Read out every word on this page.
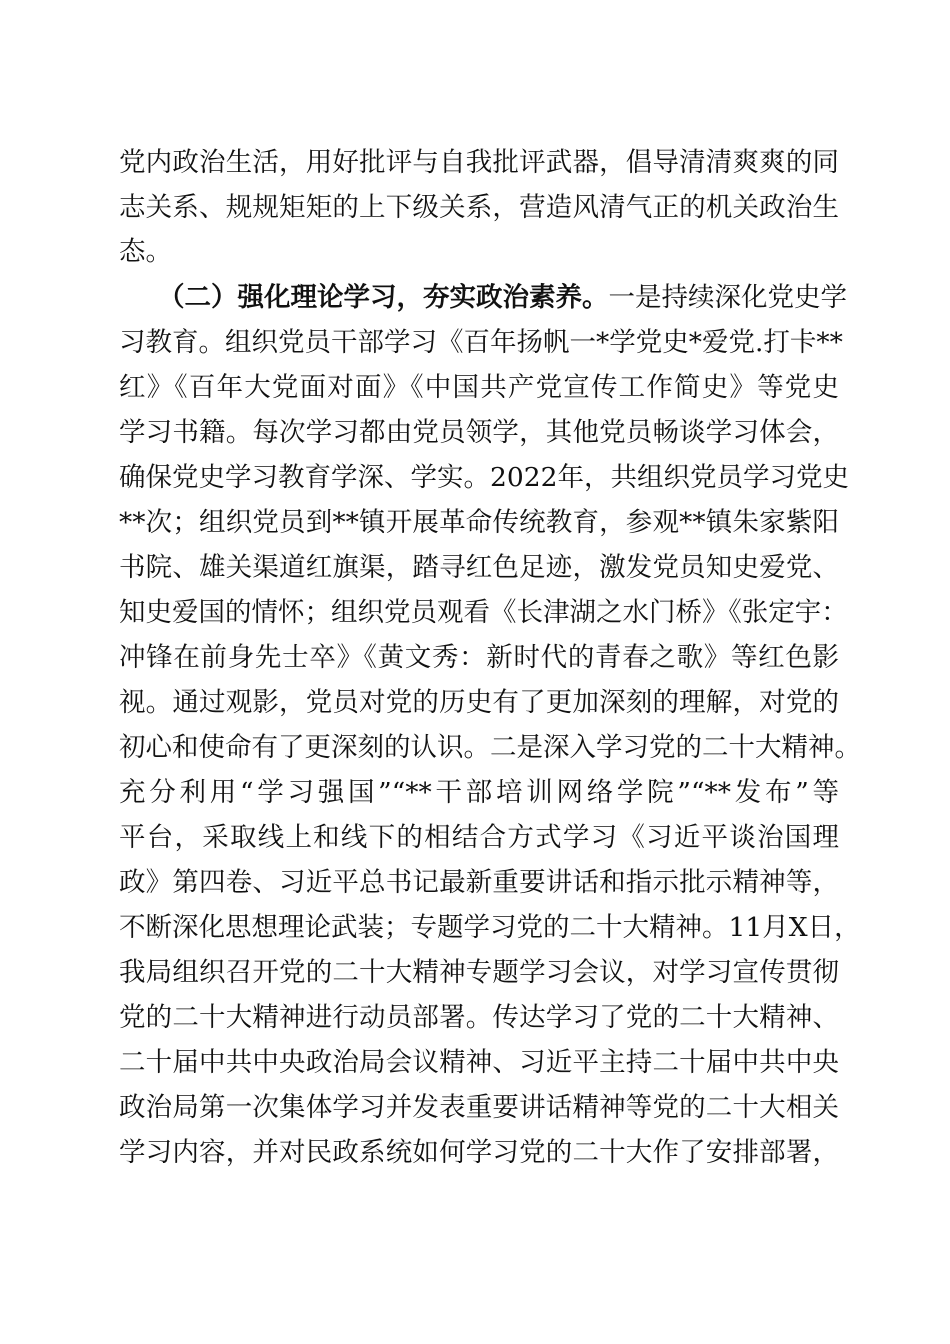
党内政治生活，用好批评与自我批评武器，倡导清清爽爽的同
志关系、规规矩矩的上下级关系，营造风清气正的机关政治生
态。
（二）强化理论学习，夯实政治素养。一是持续深化党史学
习教育。组织党员干部学习《百年扬帆一*学党史*爱党.打卡**
红》《百年大党面对面》《中国共产党宣传工作简史》等党史
学习书籍。每次学习都由党员领学，其他党员畅谈学习体会，
确保党史学习教育学深、学实。2022年，共组织党员学习党史
**次；组织党员到**镇开展革命传统教育，参观**镇朱家紫阳
书院、雄关渠道红旗渠，踏寻红色足迹，激发党员知史爱党、
知史爱国的情怀；组织党员观看《长津湖之水门桥》《张定宇：
冲锋在前身先士卒》《黄文秀：新时代的青春之歌》等红色影
视。通过观影，党员对党的历史有了更加深刻的理解，对党的
初心和使命有了更深刻的认识。二是深入学习党的二十大精神。
充分利用“学习强国”“**干部培训网络学院”“**发布”等
平台，采取线上和线下的相结合方式学习《习近平谈治国理
政》第四卷、习近平总书记最新重要讲话和指示批示精神等，
不断深化思想理论武装；专题学习党的二十大精神。11月X日，
我局组织召开党的二十大精神专题学习会议，对学习宣传贯彻
党的二十大精神进行动员部署。传达学习了党的二十大精神、
二十届中共中央政治局会议精神、习近平主持二十届中共中央
政治局第一次集体学习并发表重要讲话精神等党的二十大相关
学习内容，并对民政系统如何学习党的二十大作了安排部署，
